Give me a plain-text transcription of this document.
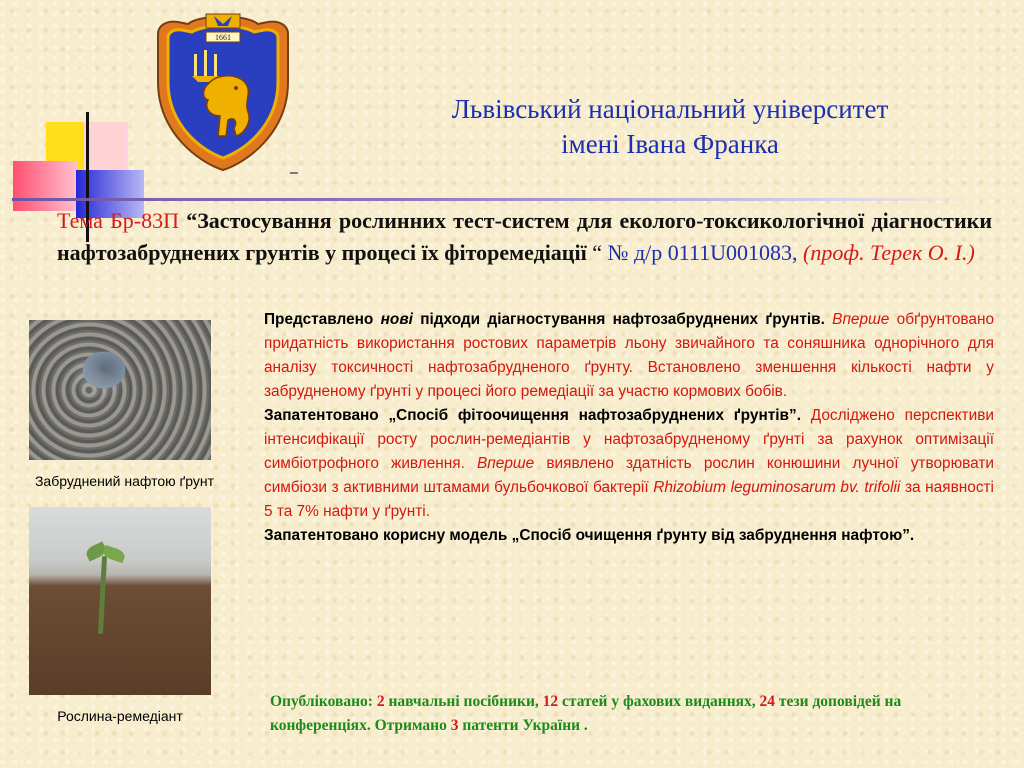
1661
Львівський національний університет
імені Івана Франка
Тема Бр-83П “Застосування рослинних тест-систем для еколого-токсикологічної діагностики нафтозабруднених грунтів у процесі їх фіторемедіації “ № д/р 0111U001083, (проф. Терек О. І.)
Забруднений нафтою ґрунт
Рослина-ремедіант
Представлено нові підходи діагностування нафтозабруднених ґрунтів. Вперше обґрунтовано придатність використання ростових параметрів льону звичайного та соняшника однорічного для аналізу токсичності нафтозабрудненого ґрунту. Встановлено зменшення кількості нафти у забрудненому ґрунті у процесі його ремедіації за участю кормових бобів.
Запатентовано „Спосіб фітоочищення нафтозабруднених ґрунтів”. Досліджено перспективи інтенсифікації росту рослин-ремедіантів у нафтозабрудненому ґрунті за рахунок оптимізації симбіотрофного живлення. Вперше виявлено здатність рослин конюшини лучної утворювати симбіози з активними штамами бульбочкової бактерії Rhizobium leguminosarum bv. trifolii за наявності 5 та 7% нафти у ґрунті.
Запатентовано корисну модель „Спосіб очищення ґрунту від забруднення нафтою”.
Опубліковано: 2 навчальні посібники, 12 статей у фахових виданнях, 24 тези доповідей на конференціях. Отримано 3 патенти України .
